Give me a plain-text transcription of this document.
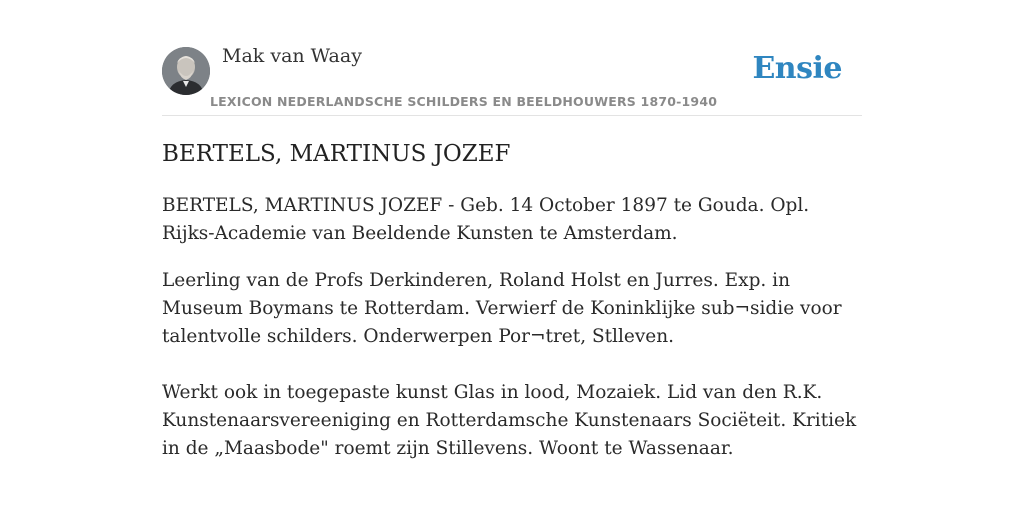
Mak van Waay
LEXICON NEDERLANDSCHE SCHILDERS EN BEELDHOUWERS 1870-1940
Ensie
BERTELS, MARTINUS JOZEF

BERTELS, MARTINUS JOZEF - Geb. 14 October 1897 te Gouda. Opl. Rijks-Academie van Beeldende Kunsten te Amsterdam.

Leerling van de Profs Derkinderen, Roland Holst en Jurres. Exp. in Museum Boymans te Rotterdam. Verwierf de Koninklijke sub¬sidie voor talentvolle schilders. Onderwerpen Por¬tret, Stlleven.

Werkt ook in toegepaste kunst Glas in lood, Mozaiek. Lid van den R.K. Kunstenaarsvereeniging en Rotterdamsche Kunstenaars Sociëteit. Kritiek in de „Maasbode" roemt zijn Stillevens. Woont te Wassenaar.
